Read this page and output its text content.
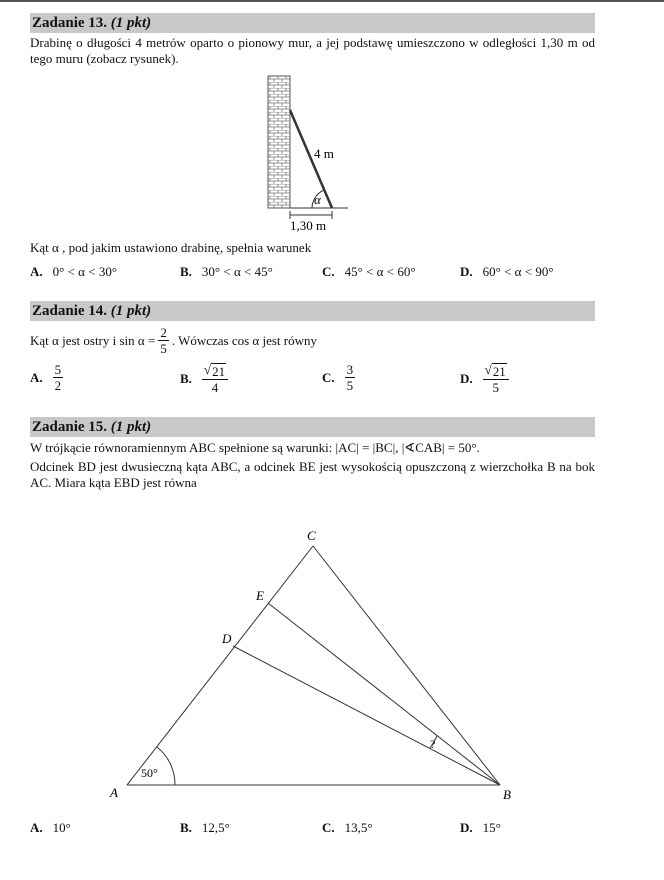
Zadanie 13. (1 pkt)
Drabinę o długości 4 metrów oparto o pionowy mur, a jej podstawę umieszczono w odległości 1,30 m od tego muru (zobacz rysunek).
4 m
α
1,30 m
Kąt α , pod jakim ustawiono drabinę, spełnia warunek
A. 0° < α < 30°	B. 30° < α < 45°	C. 45° < α < 60°	D. 60° < α < 90°
Zadanie 14. (1 pkt)
Kąt α jest ostry i $\sin \alpha = \frac{2}{5}$ . Wówczas cos α jest równy
A. $\frac{5}{2}$	B. $\frac{√ 21}{4}$	C. $\frac{3}{5}$	D. $\frac{√ 21}{5}$
Zadanie 15. (1 pkt)
W trójkącie równoramiennym ABC spełnione są warunki: |AC| = |BC|, |∢CAB| = 50°.
Odcinek BD jest dwusieczną kąta ABC, a odcinek BE jest wysokością opuszczoną z wierzchołka B na bok AC. Miara kąta EBD jest równa
50°
?
A	B
C
D
E
A. 10°	B. 12,5°	C. 13,5°	D. 15°
